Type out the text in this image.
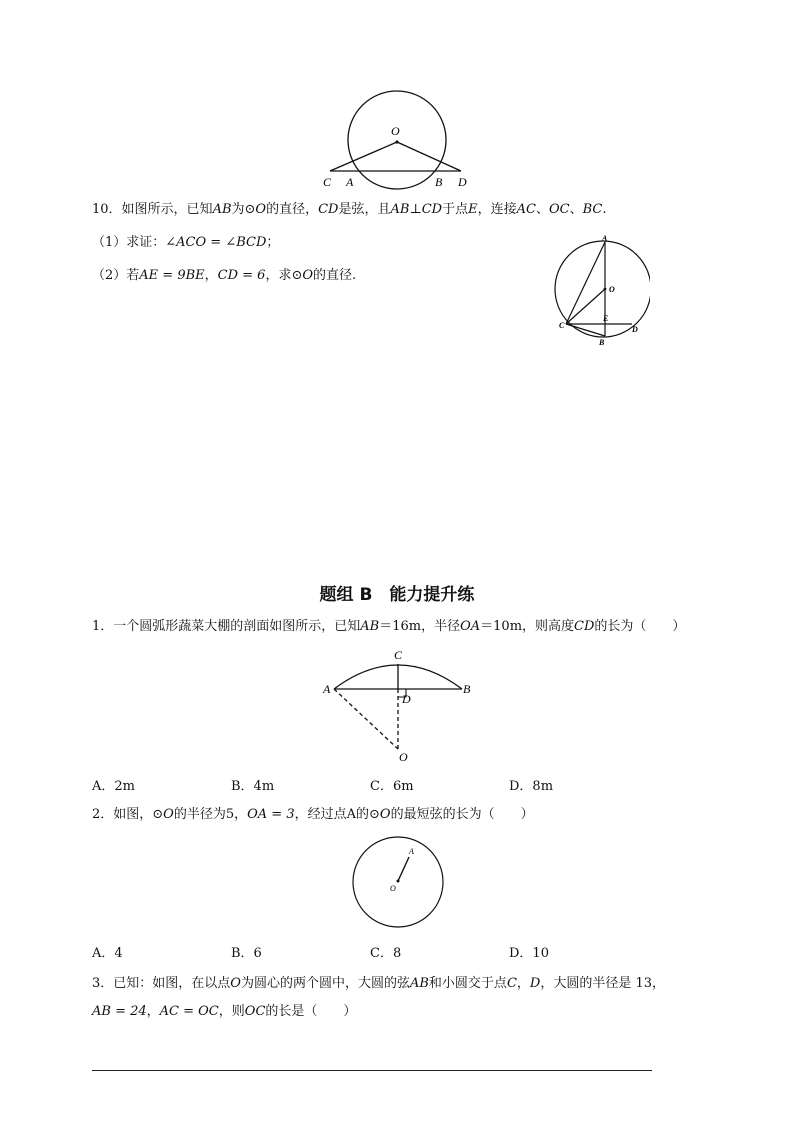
O
C A	B D
10．如图所示，已知AB为⊙O的直径，CD是弦，且AB⊥CD于点E，连接AC、OC、BC.
（1）求证：∠ACO = ∠BCD；
（2）若AE = 9BE，CD = 6，求⊙O的直径.
A
O
E
C	D
B
题组 B　能力提升练
1．一个圆弧形蔬菜大棚的剖面如图所示，已知AB＝16m，半径OA＝10m，则高度CD的长为（　　）
C
A	B
D
O
A．2m	B．4m	C．6m	D．8m
2．如图，⊙O的半径为5，OA = 3，经过点A的⊙O的最短弦的长为（　　）
A
O
A．4	B．6	C．8	D．10
3．已知：如图，在以点O为圆心的两个圆中，大圆的弦AB和小圆交于点C，D，大圆的半径是 13，
AB = 24，AC = OC，则OC的长是（　　）
